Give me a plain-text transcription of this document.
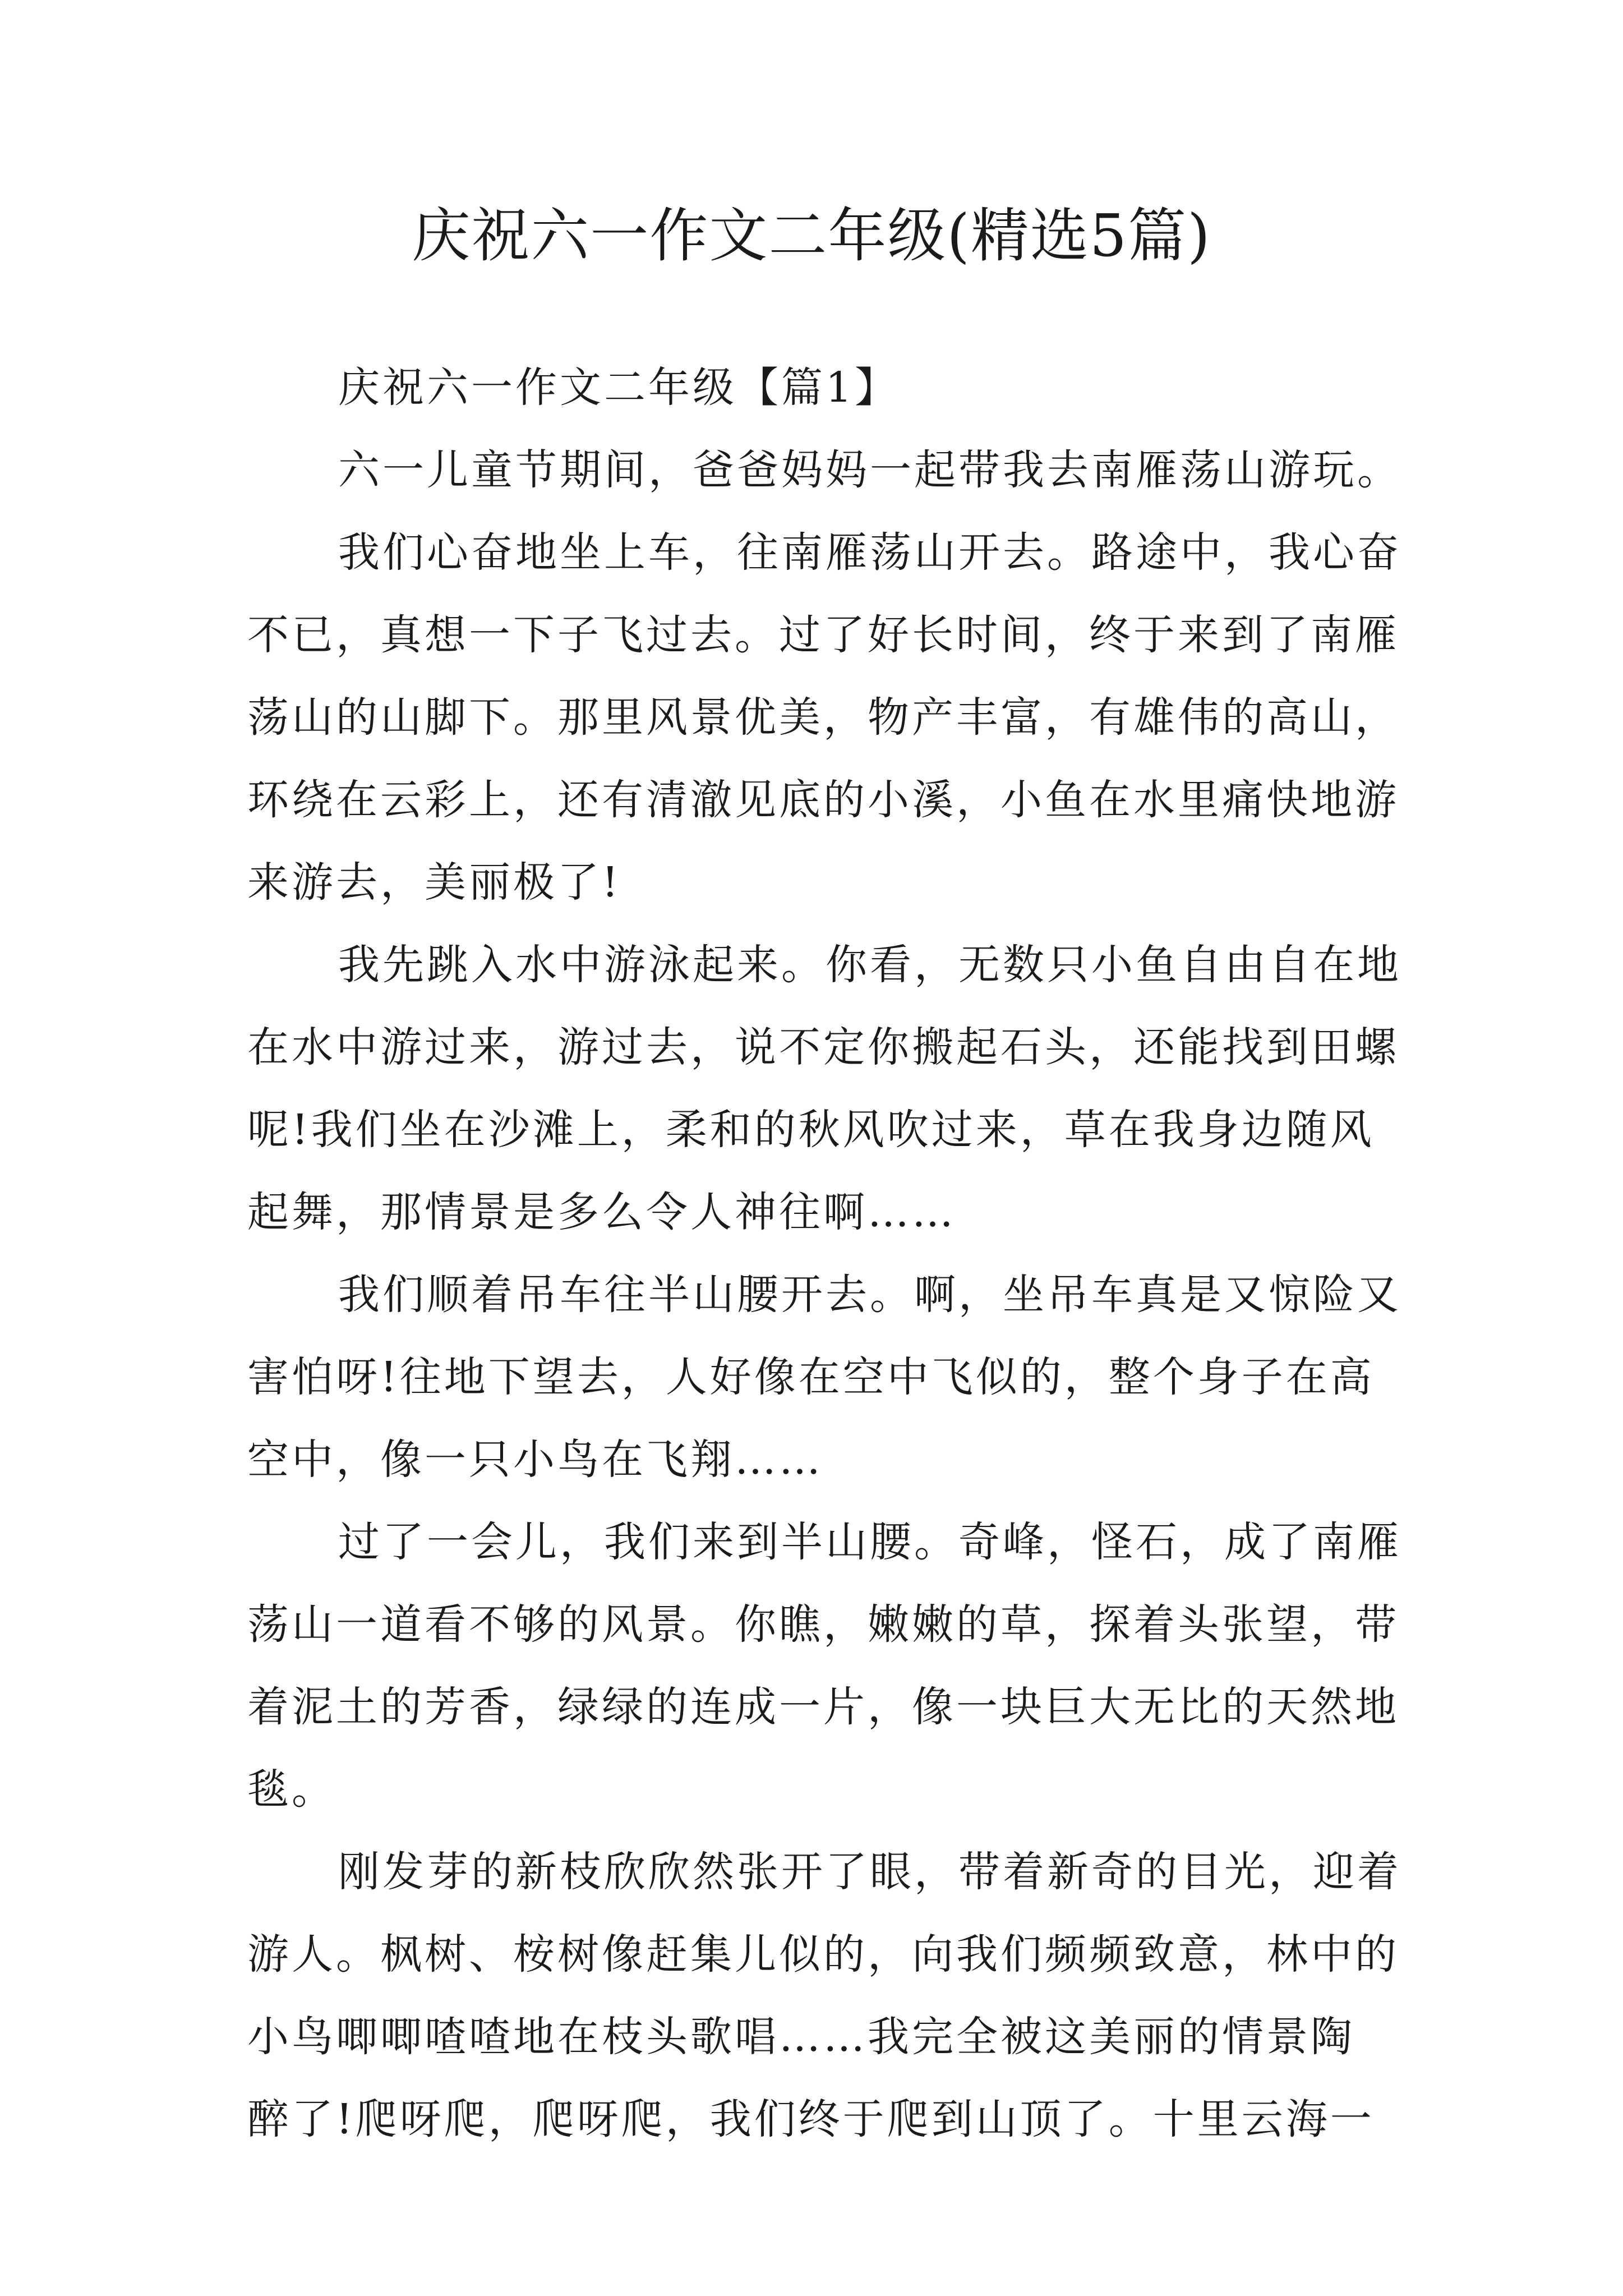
庆祝六一作文二年级(精选5篇)
庆祝六一作文二年级【篇1】
六一儿童节期间，爸爸妈妈一起带我去南雁荡山游玩。
我们心奋地坐上车，往南雁荡山开去。路途中，我心奋
不已，真想一下子飞过去。过了好长时间，终于来到了南雁
荡山的山脚下。那里风景优美，物产丰富，有雄伟的高山，
环绕在云彩上，还有清澈见底的小溪，小鱼在水里痛快地游
来游去，美丽极了!
我先跳入水中游泳起来。你看，无数只小鱼自由自在地
在水中游过来，游过去，说不定你搬起石头，还能找到田螺
呢!我们坐在沙滩上，柔和的秋风吹过来，草在我身边随风
起舞，那情景是多么令人神往啊……
我们顺着吊车往半山腰开去。啊，坐吊车真是又惊险又
害怕呀!往地下望去，人好像在空中飞似的，整个身子在高
空中，像一只小鸟在飞翔……
过了一会儿，我们来到半山腰。奇峰，怪石，成了南雁
荡山一道看不够的风景。你瞧，嫩嫩的草，探着头张望，带
着泥土的芳香，绿绿的连成一片，像一块巨大无比的天然地
毯。
刚发芽的新枝欣欣然张开了眼，带着新奇的目光，迎着
游人。枫树、桉树像赶集儿似的，向我们频频致意，林中的
小鸟唧唧喳喳地在枝头歌唱……我完全被这美丽的情景陶
醉了!爬呀爬，爬呀爬，我们终于爬到山顶了。十里云海一
